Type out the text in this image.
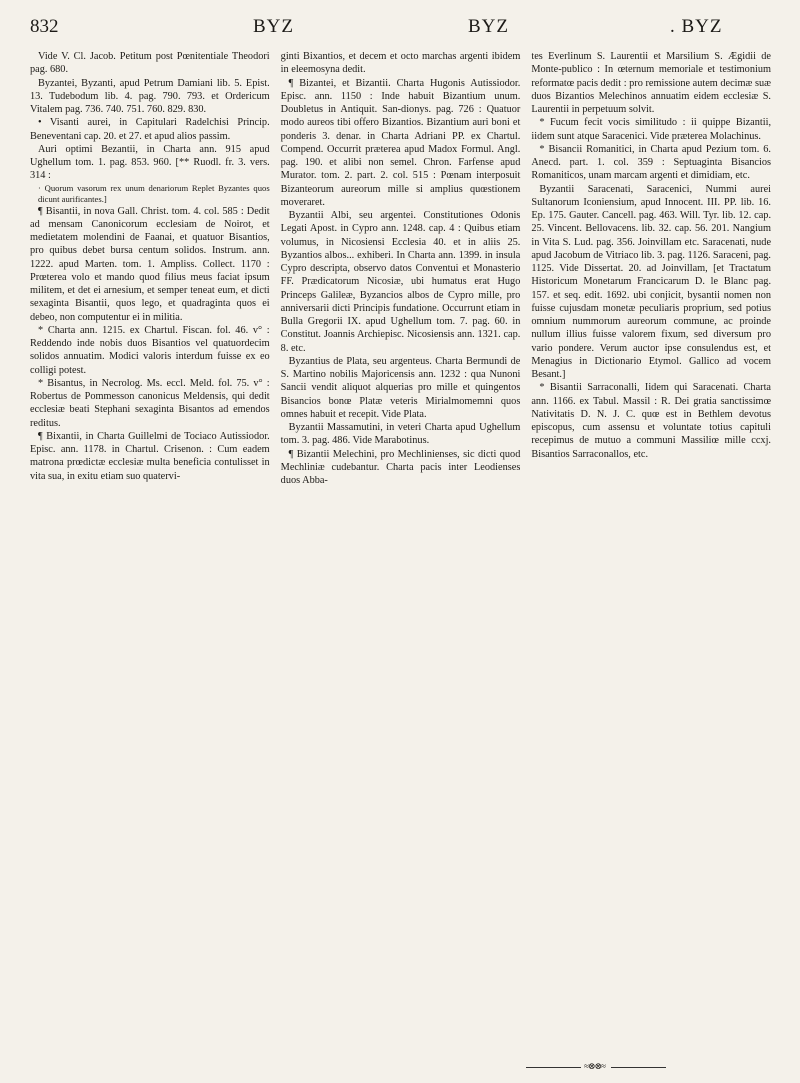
832	BYZ	BYZ	. BYZ

Vide V. Cl. Jacob. Petitum post Pœnitentiale Theodori pag. 680.

Byzantei, Byzanti, apud Petrum Damiani lib. 5. Epist. 13. Tudebodum lib. 4. pag. 790. 793. et Ordericum Vitalem pag. 736. 740. 751. 760. 829. 830.

• Visanti aurei, in Capitulari Radelchisi Princip. Beneventani cap. 20. et 27. et apud alios passim.

Auri optimi Bezantii, in Charta ann. 915 apud Ughellum tom. 1. pag. 853. 960. [** Ruodl. fr. 3. vers. 314 :

· Quorum vasorum rex unum denariorum Replet Byzantes quos dicunt aurificantes.]

¶ Bisantii, in nova Gall. Christ. tom. 4. col. 585 : Dedit ad mensam Canonicorum ecclesiam de Noirot, et medietatem molendini de Faanai, et quatuor Bisantios, pro quibus debet bursa centum solidos. Instrum. ann. 1222. apud Marten. tom. 1. Ampliss. Collect. 1170 : Prœterea volo et mando quod filius meus faciat ipsum militem, et det ei arnesium, et semper teneat eum, et dicti sexaginta Bisantii, quos lego, et quadraginta quos ei debeo, non computentur ei in militia.

* Charta ann. 1215. ex Chartul. Fiscan. fol. 46. v° : Reddendo inde nobis duos Bisantios vel quatuordecim solidos annuatim. Modici valoris interdum fuisse ex eo colligi potest.

* Bisantus, in Necrolog. Ms. eccl. Meld. fol. 75. v° : Robertus de Pommesson canonicus Meldensis, qui dedit ecclesiæ beati Stephani sexaginta Bisantos ad emendos reditus.

¶ Bixantii, in Charta Guillelmi de Tociaco Autissiodor. Episc. ann. 1178. in Chartul. Crisenon. : Cum eadem matrona prœdictæ ecclesiæ multa beneficia contulisset in vita sua, in exitu etiam suo quatervi-

ginti Bixantios, et decem et octo marchas argenti ibidem in eleemosyna dedit.

¶ Bizantei, et Bizantii. Charta Hugonis Autissiodor. Episc. ann. 1150 : Inde habuit Bizantium unum. Doubletus in Antiquit. San-dionys. pag. 726 : Quatuor modo aureos tibi offero Bizantios. Bizantium auri boni et ponderis 3. denar. in Charta Adriani PP. ex Chartul. Compend. Occurrit præterea apud Madox Formul. Angl. pag. 190. et alibi non semel. Chron. Farfense apud Murator. tom. 2. part. 2. col. 515 : Pœnam interposuit Bizanteorum aureorum mille si amplius quœstionem moveraret.

Byzantii Albi, seu argentei. Constitutiones Odonis Legati Apost. in Cypro ann. 1248. cap. 4 : Quibus etiam volumus, in Nicosiensi Ecclesia 40. et in aliis 25. Byzantios albos... exhiberi. In Charta ann. 1399. in insula Cypro descripta, observo datos Conventui et Monasterio FF. Prædicatorum Nicosiæ, ubi humatus erat Hugo Princeps Galileæ, Byzancios albos de Cypro mille, pro anniversarii dicti Principis fundatione. Occurrunt etiam in Bulla Gregorii IX. apud Ughellum tom. 7. pag. 60. in Constitut. Joannis Archiepisc. Nicosiensis ann. 1321. cap. 8. etc.

Byzantius de Plata, seu argenteus. Charta Bermundi de S. Martino nobilis Majoricensis ann. 1232 : qua Nunoni Sancii vendit aliquot alquerias pro mille et quingentos Bisancios bonœ Platæ veteris Mirialmomemni quos omnes habuit et recepit. Vide Plata.

Byzantii Massamutini, in veteri Charta apud Ughellum tom. 3. pag. 486. Vide Marabotinus.

¶ Bizantii Melechini, pro Mechlinienses, sic dicti quod Mechliniæ cudebantur. Charta pacis inter Leodienses duos Abba-

tes Everlinum S. Laurentii et Marsilium S. Ægidii de Monte-publico : In œternum memoriale et testimonium reformatœ pacis dedit : pro remissione autem decimæ suæ duos Bizantios Melechinos annuatim eidem ecclesiæ S. Laurentii in perpetuum solvit.

* Fucum fecit vocis similitudo : ii quippe Bizantii, iidem sunt atque Saracenici. Vide præterea Molachinus.

* Bisancii Romanitici, in Charta apud Pezium tom. 6. Anecd. part. 1. col. 359 : Septuaginta Bisancios Romaniticos, unam marcam argenti et dimidiam, etc.

Byzantii Saracenati, Saracenici, Nummi aurei Sultanorum Iconiensium, apud Innocent. III. PP. lib. 16. Ep. 175. Gauter. Cancell. pag. 463. Will. Tyr. lib. 12. cap. 25. Vincent. Bellovacens. lib. 32. cap. 56. 201. Nangium in Vita S. Lud. pag. 356. Joinvillam etc. Saracenati, nude apud Jacobum de Vitriaco lib. 3. pag. 1126. Saraceni, pag. 1125. Vide Dissertat. 20. ad Joinvillam, [et Tractatum Historicum Monetarum Francicarum D. le Blanc pag. 157. et seq. edit. 1692. ubi conjicit, bysantii nomen non fuisse cujusdam monetæ peculiaris proprium, sed potius omnium nummorum aureorum commune, ac proinde nullum illius fuisse valorem fixum, sed diversum pro vario pondere. Verum auctor ipse consulendus est, et Menagius in Dictionario Etymol. Gallico ad vocem Besant.]

* Bisantii Sarraconalli, Iidem qui Saracenati. Charta ann. 1166. ex Tabul. Massil : R. Dei gratia sanctissimœ Nativitatis D. N. J. C. quœ est in Bethlem devotus episcopus, cum assensu et voluntate totius capituli recepimus de mutuo a communi Massiliœ mille ccxj. Bisantios Sarraconallos, etc.

≈⊗⊗≈
